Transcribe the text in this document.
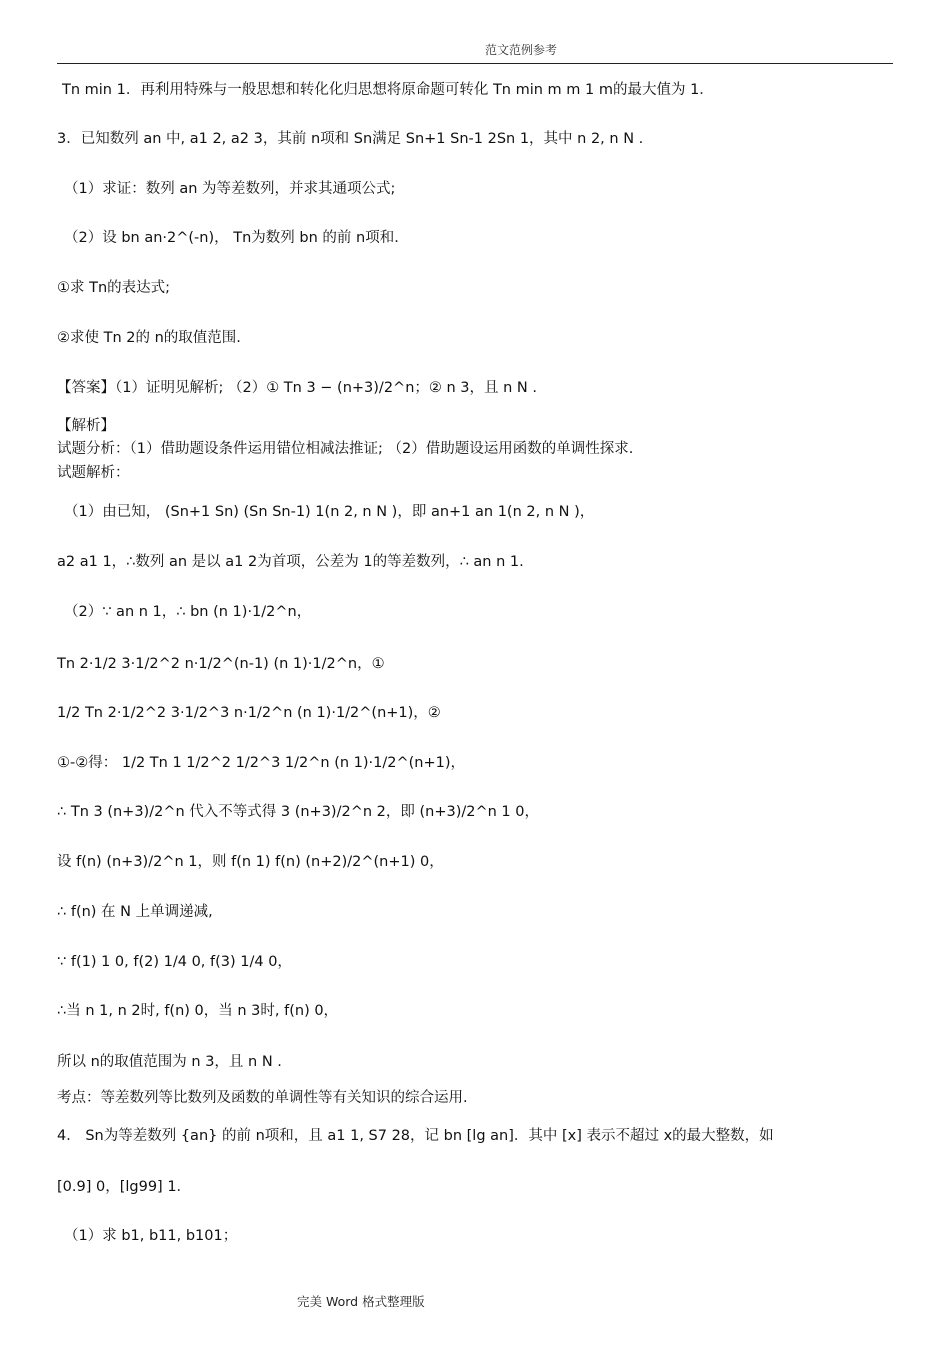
范文范例参考
Tn min 1．再利用特殊与一般思想和转化化归思想将原命题可转化 Tn min m m 1 m的最大值为 1．
3．已知数列 an 中, a1 2, a2 3，其前 n项和 Sn满足 Sn+1 Sn-1 2Sn 1，其中 n 2, n N .
（1）求证：数列 an 为等差数列，并求其通项公式;
（2）设 bn an·2^(-n)， Tn为数列 bn 的前 n项和.
①求 Tn的表达式;
②求使 Tn 2的 n的取值范围.
【答案】（1）证明见解析; （2）① Tn 3 − (n+3)/2^n；② n 3，且 n N .
【解析】
试题分析：（1）借助题设条件运用错位相减法推证; （2）借助题设运用函数的单调性探求.
试题解析：
（1）由已知， (Sn+1 Sn) (Sn Sn-1) 1(n 2, n N )，即 an+1 an 1(n 2, n N )，
a2 a1 1，∴数列 an 是以 a1 2为首项，公差为 1的等差数列，∴ an n 1.
（2）∵ an n 1，∴ bn (n 1)·1/2^n，
Tn 2·1/2 3·1/2^2 n·1/2^(n-1) (n 1)·1/2^n，①
1/2 Tn 2·1/2^2 3·1/2^3 n·1/2^n (n 1)·1/2^(n+1)，②
①-②得： 1/2 Tn 1 1/2^2 1/2^3 1/2^n (n 1)·1/2^(n+1)，
∴ Tn 3 (n+3)/2^n 代入不等式得 3 (n+3)/2^n 2，即 (n+3)/2^n 1 0，
设 f(n) (n+3)/2^n 1，则 f(n 1) f(n) (n+2)/2^(n+1) 0，
∴ f(n) 在 N 上单调递减,
∵ f(1) 1 0, f(2) 1/4 0, f(3) 1/4 0，
∴当 n 1, n 2时, f(n) 0，当 n 3时, f(n) 0，
所以 n的取值范围为 n 3，且 n N .
考点：等差数列等比数列及函数的单调性等有关知识的综合运用.
4． Sn为等差数列 {an} 的前 n项和，且 a1 1, S7 28，记 bn [lg an]．其中 [x] 表示不超过 x的最大整数，如
[0.9] 0，[lg99] 1．
（1）求 b1, b11, b101；
完美 Word 格式整理版
